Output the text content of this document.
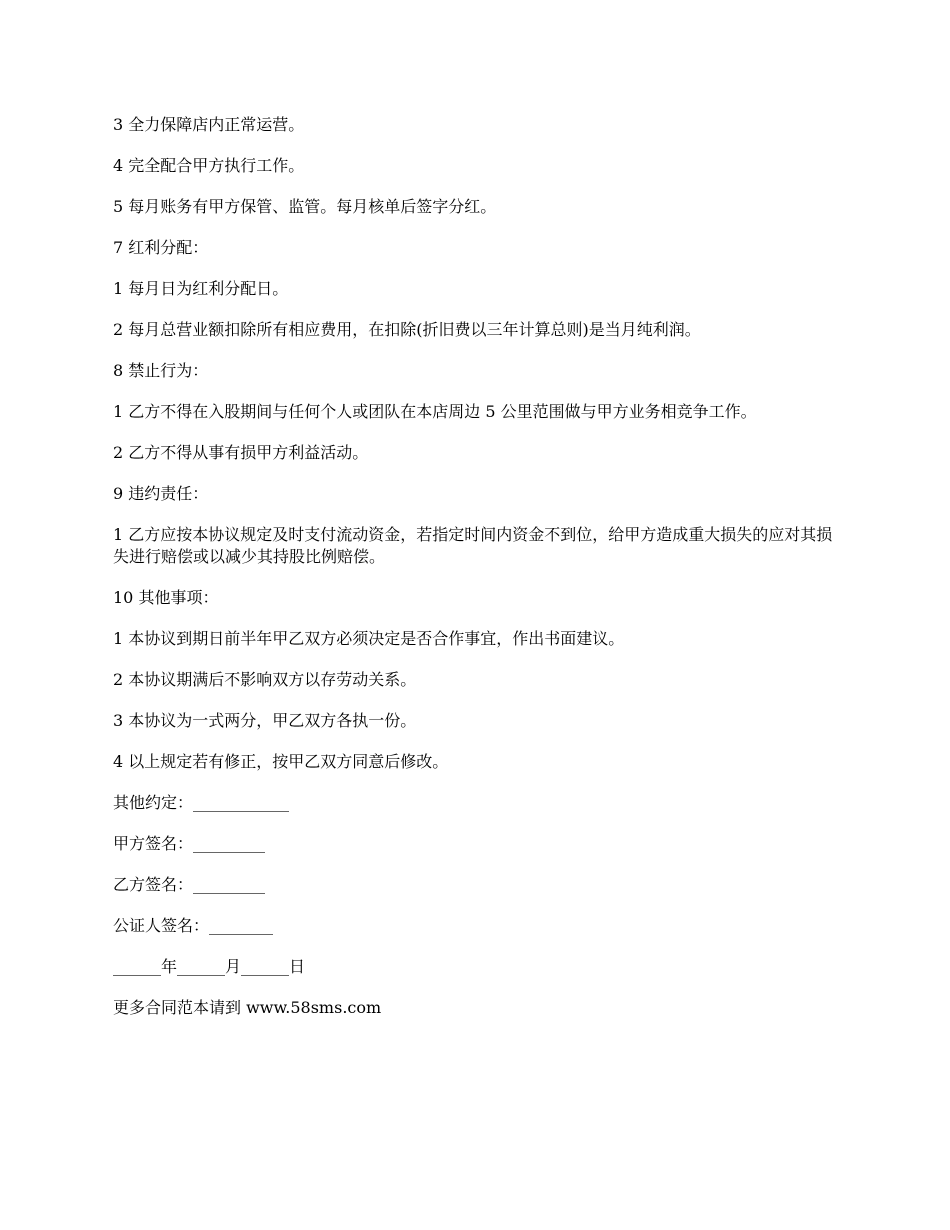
3 全力保障店内正常运营。

4 完全配合甲方执行工作。

5 每月账务有甲方保管、监管。每月核单后签字分红。

7 红利分配：

1 每月日为红利分配日。

2 每月总营业额扣除所有相应费用，在扣除(折旧费以三年计算总则)是当月纯利润。

8 禁止行为：

1 乙方不得在入股期间与任何个人或团队在本店周边 5 公里范围做与甲方业务相竞争工作。

2 乙方不得从事有损甲方利益活动。

9 违约责任：

1 乙方应按本协议规定及时支付流动资金，若指定时间内资金不到位，给甲方造成重大损失的应对其损失进行赔偿或以减少其持股比例赔偿。

10 其他事项：

1 本协议到期日前半年甲乙双方必须决定是否合作事宜，作出书面建议。

2 本协议期满后不影响双方以存劳动关系。

3 本协议为一式两分，甲乙双方各执一份。

4 以上规定若有修正，按甲乙双方同意后修改。

其他约定：____________

甲方签名：_________

乙方签名：_________

公证人签名：________

______年______月______日

更多合同范本请到 www.58sms.com
